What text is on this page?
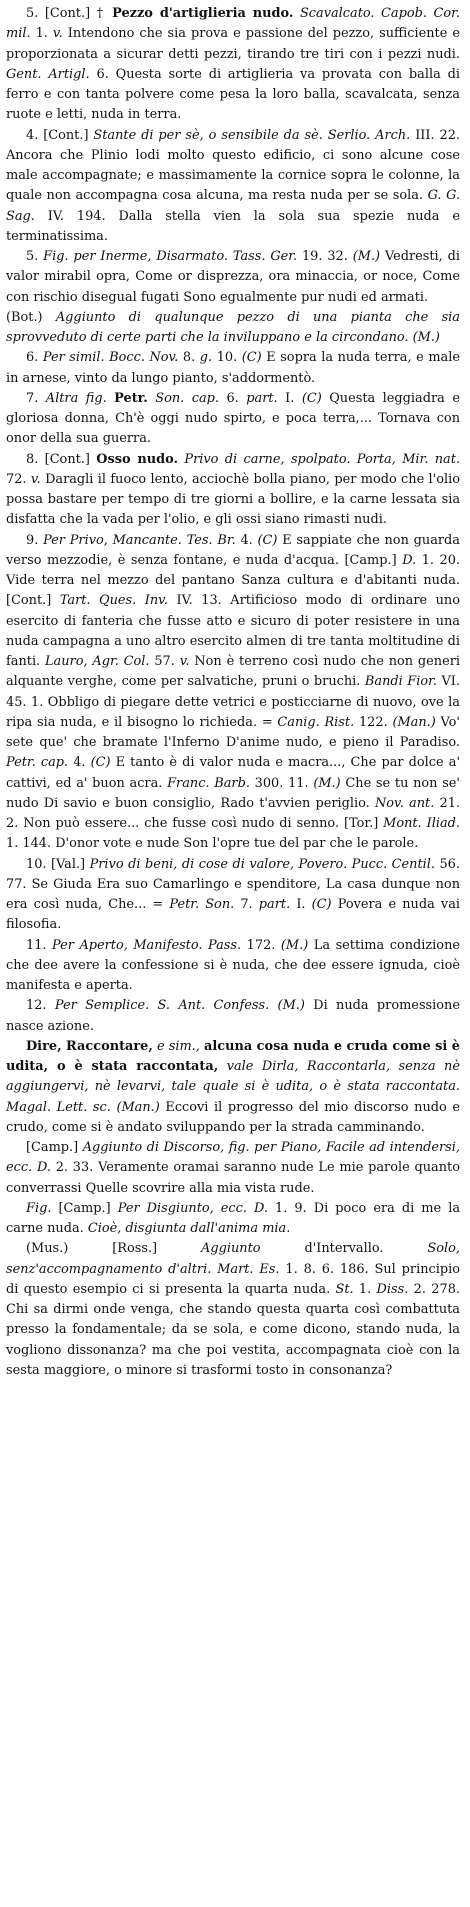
5. [Cont.] † Pezzo d'artiglieria nudo. Scavalcato. Capob. Cor. mil. 1. v. Intendono che sia prova e passione del pezzo, sufficiente e proporzionata a sicurar detti pezzi, tirando tre tiri con i pezzi nudi. Gent. Artigl. 6. Questa sorte di artiglieria va provata con balla di ferro e con tanta polvere come pesa la loro balla, scavalcata, senza ruote e letti, nuda in terra.

4. [Cont.] Stante di per sè, o sensibile da sè. Serlio. Arch. III. 22. Ancora che Plinio lodi molto questo edificio, ci sono alcune cose male accompagnate; e massimamente la cornice sopra le colonne, la quale non accompagna cosa alcuna, ma resta nuda per se sola. G. G. Sag. IV. 194. Dalla stella vien la sola sua spezie nuda e terminatissima.

5. Fig. per Inerme, Disarmato. Tass. Ger. 19. 32. (M.) Vedresti, di valor mirabil opra, Come or disprezza, ora minaccia, or noce, Come con rischio disegual fugati Sono egualmente pur nudi ed armati.

(Bot.) Aggiunto di qualunque pezzo di una pianta che sia sprovveduto di certe parti che la inviluppano e la circondano. (M.)

6. Per simil. Bocc. Nov. 8. g. 10. (C) E sopra la nuda terra, e male in arnese, vinto da lungo pianto, s'addormentò.

7. Altra fig. Petr. Son. cap. 6. part. I. (C) Questa leggiadra e gloriosa donna, Ch'è oggi nudo spirto, e poca terra,... Tornava con onor della sua guerra.

8. [Cont.] Osso nudo. Privo di carne, spolpato. Porta, Mir. nat. 72. v. Daragli il fuoco lento, acciochè bolla piano, per modo che l'olio possa bastare per tempo di tre giorni a bollire, e la carne lessata sia disfatta che la vada per l'olio, e gli ossi siano rimasti nudi.

9. Per Privo, Mancante. Tes. Br. 4. (C) E sappiate che non guarda verso mezzodie, è senza fontane, e nuda d'acqua. [Camp.] D. 1. 20. Vide terra nel mezzo del pantano Sanza cultura e d'abitanti nuda. [Cont.] Tart. Ques. Inv. IV. 13. Artificioso modo di ordinare uno esercito di fanteria che fusse atto e sicuro di poter resistere in una nuda campagna a uno altro esercito almen di tre tanta moltitudine di fanti. Lauro, Agr. Col. 57. v. Non è terreno così nudo che non generi alquante verghe, come per salvatiche, pruni o bruchi. Bandi Fior. VI. 45. 1. Obbligo di piegare dette vetrici e posticciarne di nuovo, ove la ripa sia nuda, e il bisogno lo richieda. = Canig. Rist. 122. (Man.) Vo' sete que' che bramate l'Inferno D'anime nudo, e pieno il Paradiso. Petr. cap. 4. (C) E tanto è di valor nuda e macra..., Che par dolce a' cattivi, ed a' buon acra. Franc. Barb. 300. 11. (M.) Che se tu non se' nudo Di savio e buon consiglio, Rado t'avvien periglio. Nov. ant. 21. 2. Non può essere... che fusse così nudo di senno. [Tor.] Mont. Iliad. 1. 144. D'onor vote e nude Son l'opre tue del par che le parole.

10. [Val.] Privo di beni, di cose di valore, Povero. Pucc. Centil. 56. 77. Se Giuda Era suo Camarlingo e spenditore, La casa dunque non era così nuda, Che... = Petr. Son. 7. part. I. (C) Povera e nuda vai filosofia.

11. Per Aperto, Manifesto. Pass. 172. (M.) La settima condizione che dee avere la confessione si è nuda, che dee essere ignuda, cioè manifesta e aperta.

12. Per Semplice. S. Ant. Confess. (M.) Di nuda promessione nasce azione.

Dire, Raccontare, e sim., alcuna cosa nuda e cruda come si è udita, o è stata raccontata, vale Dirla, Raccontarla, senza nè aggiungervi, nè levarvi, tale quale si è udita, o è stata raccontata. Magal. Lett. sc. (Man.) Eccovi il progresso del mio discorso nudo e crudo, come si è andato sviluppando per la strada camminando.

[Camp.] Aggiunto di Discorso, fig. per Piano, Facile ad intendersi, ecc. D. 2. 33. Veramente oramai saranno nude Le mie parole quanto converrassi Quelle scovrire alla mia vista rude.

Fig. [Camp.] Per Disgiunto, ecc. D. 1. 9. Di poco era di me la carne nuda. Cioè, disgiunta dall'anima mia.

(Mus.) [Ross.] Aggiunto d'Intervallo. Solo, senz'accompagnamento d'altri. Mart. Es. 1. 8. 6. 186. Sul principio di questo esempio ci si presenta la quarta nuda. St. 1. Diss. 2. 278. Chi sa dirmi onde venga, che stando questa quarta così combattuta presso la fondamentale; da se sola, e come dicono, stando nuda, la vogliono dissonanza? ma che poi vestita, accompagnata cioè con la sesta maggiore, o minore si trasformi tosto in consonanza?
